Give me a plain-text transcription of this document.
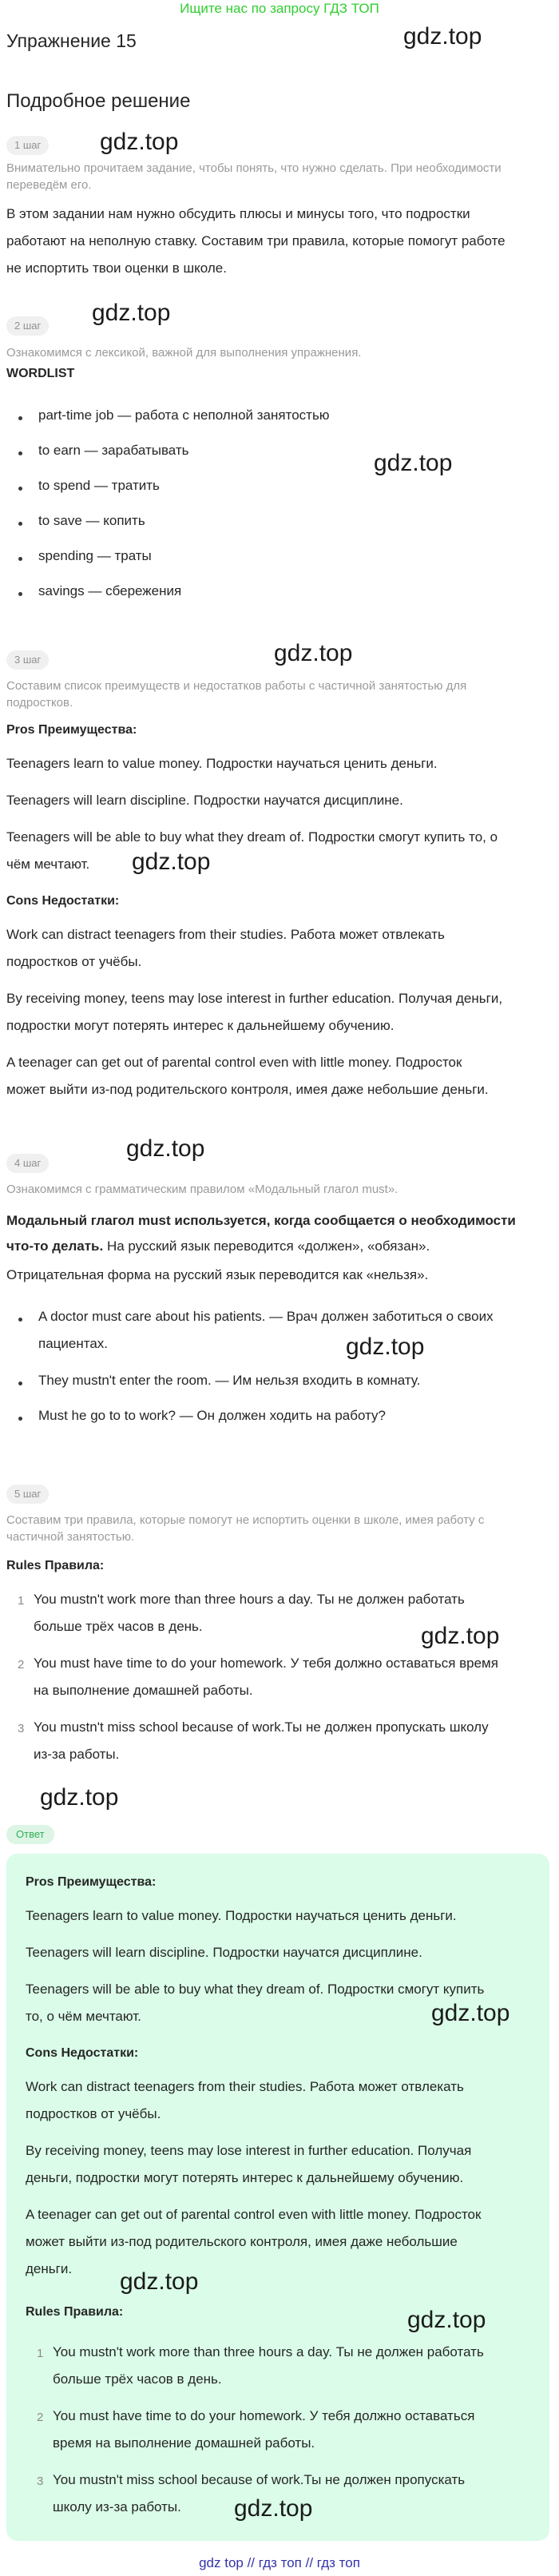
Ищите нас по запросу ГДЗ ТОП
Упражнение 15	gdz.top
Подробное решение
1 шаг	gdz.top
Внимательно прочитаем задание, чтобы понять, что нужно сделать. При необходимости
переведём его.
В этом задании нам нужно обсудить плюсы и минусы того, что подростки
работают на неполную ставку. Составим три правила, которые помогут работе
не испортить твои оценки в школе.
2 шаг	gdz.top
Ознакомимся с лексикой, важной для выполнения упражнения.
WORDLIST
part-time job — работа с неполной занятостью
to earn — зарабатывать	gdz.top
to spend — тратить
to save — копить
spending — траты
savings — сбережения
3 шаг	gdz.top
Составим список преимуществ и недостатков работы с частичной занятостью для
подростков.
Pros Преимущества:
Teenagers learn to value money. Подростки научаться ценить деньги.
Teenagers will learn discipline. Подростки научатся дисциплине.
Teenagers will be able to buy what they dream of. Подростки смогут купить то, о
чём мечтают. gdz.top
Cons Недостатки:
Work can distract teenagers from their studies. Работа может отвлекать
подростков от учёбы.
By receiving money, teens may lose interest in further education. Получая деньги,
подростки могут потерять интерес к дальнейшему обучению.
A teenager can get out of parental control even with little money. Подросток
может выйти из-под родительского контроля, имея даже небольшие деньги.
4 шаг
gdz.top
Ознакомимся с грамматическим правилом «Модальный глагол must».
Модальный глагол must используется, когда сообщается о необходимости
что-то делать. На русский язык переводится «должен», «обязан».
Отрицательная форма на русский язык переводится как «нельзя».
A doctor must care about his patients. — Врач должен заботиться о своих
пациентах.	gdz.top
They mustn't enter the room. — Им нельзя входить в комнату.
Must he go to to work? — Он должен ходить на работу?
5 шаг
Составим три правила, которые помогут не испортить оценки в школе, имея работу с
частичной занятостью.
Rules Правила:
1 You mustn't work more than three hours a day. Ты не должен работать
больше трёх часов в день.	gdz.top
2 You must have time to do your homework. У тебя должно оставаться время
на выполнение домашней работы.
3 You mustn't miss school because of work.Ты не должен пропускать школу
из-за работы.
gdz.top
Ответ
Pros Преимущества:
Teenagers learn to value money. Подростки научаться ценить деньги.
Teenagers will learn discipline. Подростки научатся дисциплине.
Teenagers will be able to buy what they dream of. Подростки смогут купить
то, о чём мечтают.	gdz.top
Cons Недостатки:
Work can distract teenagers from their studies. Работа может отвлекать
подростков от учёбы.
By receiving money, teens may lose interest in further education. Получая
деньги, подростки могут потерять интерес к дальнейшему обучению.
A teenager can get out of parental control even with little money. Подросток
может выйти из-под родительского контроля, имея даже небольшие
деньги. gdz.top
Rules Правила:	gdz.top
1 You mustn't work more than three hours a day. Ты не должен работать
больше трёх часов в день.
2 You must have time to do your homework. У тебя должно оставаться
время на выполнение домашней работы.
3 You mustn't miss school because of work.Ты не должен пропускать
школу из-за работы. gdz.top
gdz top // гдз топ // гдз топ
